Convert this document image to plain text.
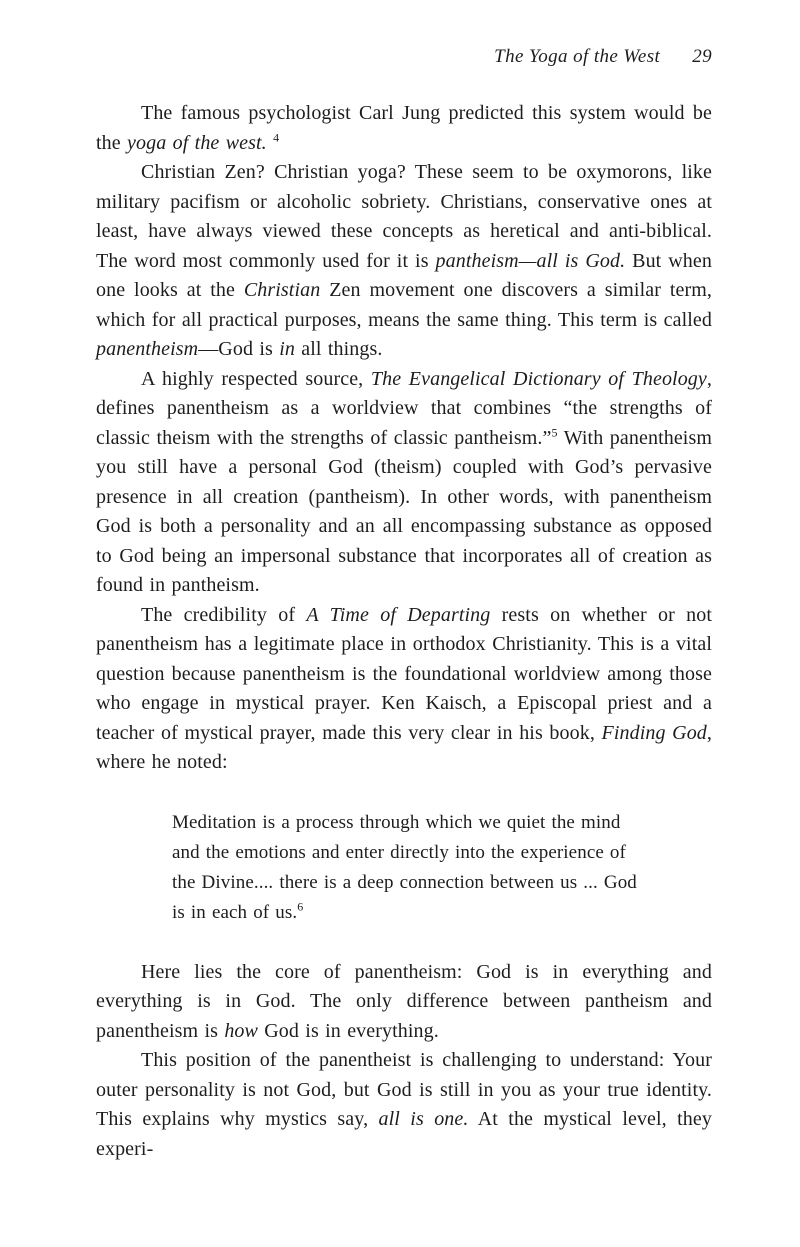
The Yoga of the West 29

The famous psychologist Carl Jung predicted this system would be the yoga of the west. $^4$

Christian Zen? Christian yoga? These seem to be oxymorons, like military pacifism or alcoholic sobriety. Christians, conservative ones at least, have always viewed these concepts as heretical and anti-biblical. The word most commonly used for it is pantheism—all is God. But when one looks at the Christian Zen movement one discovers a similar term, which for all practical purposes, means the same thing. This term is called panentheism—God is in all things.

A highly respected source, The Evangelical Dictionary of Theology, defines panentheism as a worldview that combines “the strengths of classic theism with the strengths of classic pantheism.”$^5$ With panentheism you still have a personal God (theism) coupled with God’s pervasive presence in all creation (pantheism). In other words, with panentheism God is both a personality and an all encompassing substance as opposed to God being an impersonal substance that incorporates all of creation as found in pantheism.

The credibility of A Time of Departing rests on whether or not panentheism has a legitimate place in orthodox Christianity. This is a vital question because panentheism is the foundational worldview among those who engage in mystical prayer. Ken Kaisch, a Episcopal priest and a teacher of mystical prayer, made this very clear in his book, Finding God, where he noted:

Meditation is a process through which we quiet the mind and the emotions and enter directly into the experience of the Divine.... there is a deep connection between us ... God is in each of us.$^6$

Here lies the core of panentheism: God is in everything and everything is in God. The only difference between pantheism and panentheism is how God is in everything.

This position of the panentheist is challenging to understand: Your outer personality is not God, but God is still in you as your true identity. This explains why mystics say, all is one. At the mystical level, they experi-
